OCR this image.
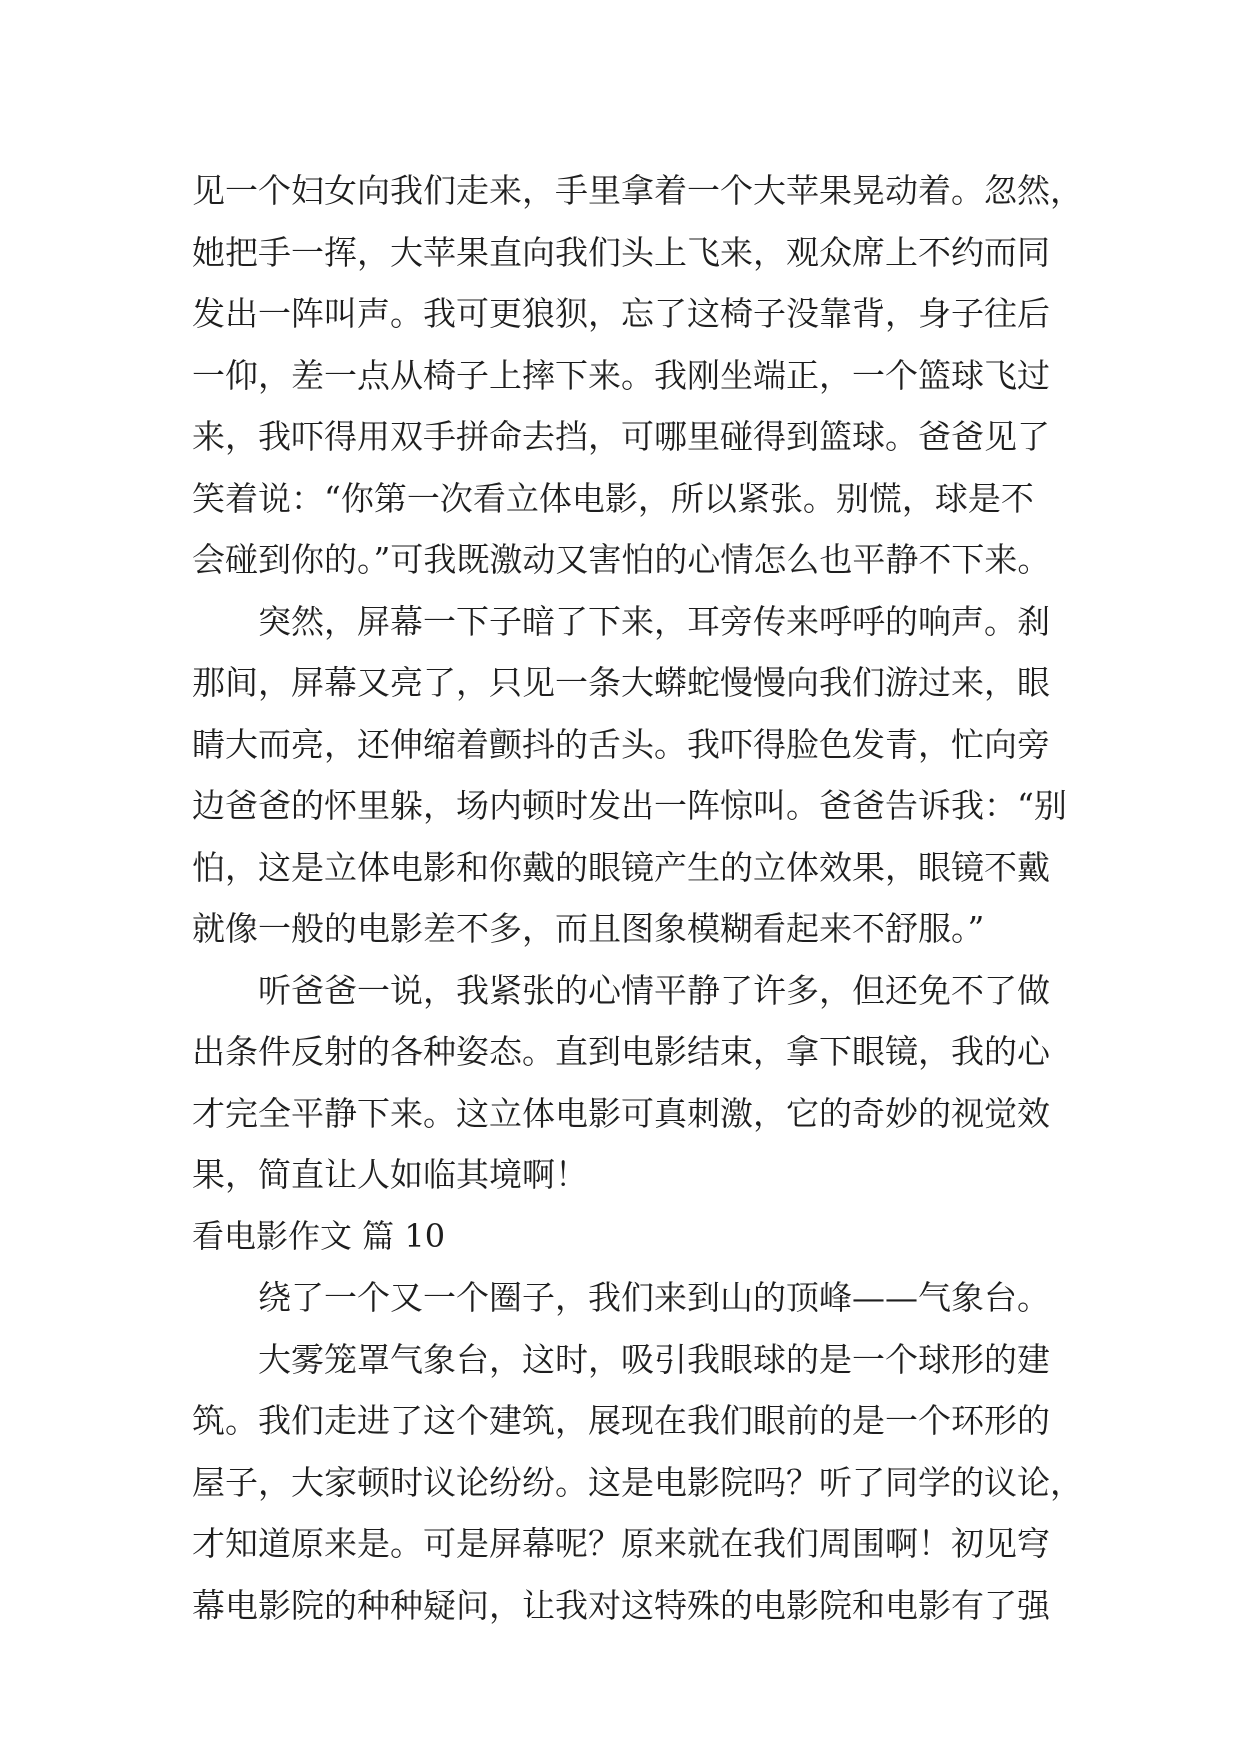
见一个妇女向我们走来，手里拿着一个大苹果晃动着。忽然，
她把手一挥，大苹果直向我们头上飞来，观众席上不约而同
发出一阵叫声。我可更狼狈，忘了这椅子没靠背，身子往后
一仰，差一点从椅子上摔下来。我刚坐端正，一个篮球飞过
来，我吓得用双手拼命去挡，可哪里碰得到篮球。爸爸见了
笑着说：“你第一次看立体电影，所以紧张。别慌，球是不
会碰到你的。”可我既激动又害怕的心情怎么也平静不下来。
突然，屏幕一下子暗了下来，耳旁传来呼呼的响声。刹
那间，屏幕又亮了，只见一条大蟒蛇慢慢向我们游过来，眼
睛大而亮，还伸缩着颤抖的舌头。我吓得脸色发青，忙向旁
边爸爸的怀里躲，场内顿时发出一阵惊叫。爸爸告诉我：“别
怕，这是立体电影和你戴的眼镜产生的立体效果，眼镜不戴
就像一般的电影差不多，而且图象模糊看起来不舒服。”
听爸爸一说，我紧张的心情平静了许多，但还免不了做
出条件反射的各种姿态。直到电影结束，拿下眼镜，我的心
才完全平静下来。这立体电影可真刺激，它的奇妙的视觉效
果，简直让人如临其境啊！
看电影作文 篇 10
绕了一个又一个圈子，我们来到山的顶峰——气象台。
大雾笼罩气象台，这时，吸引我眼球的是一个球形的建
筑。我们走进了这个建筑，展现在我们眼前的是一个环形的
屋子，大家顿时议论纷纷。这是电影院吗？听了同学的议论，
才知道原来是。可是屏幕呢？原来就在我们周围啊！初见穹
幕电影院的种种疑问，让我对这特殊的电影院和电影有了强
